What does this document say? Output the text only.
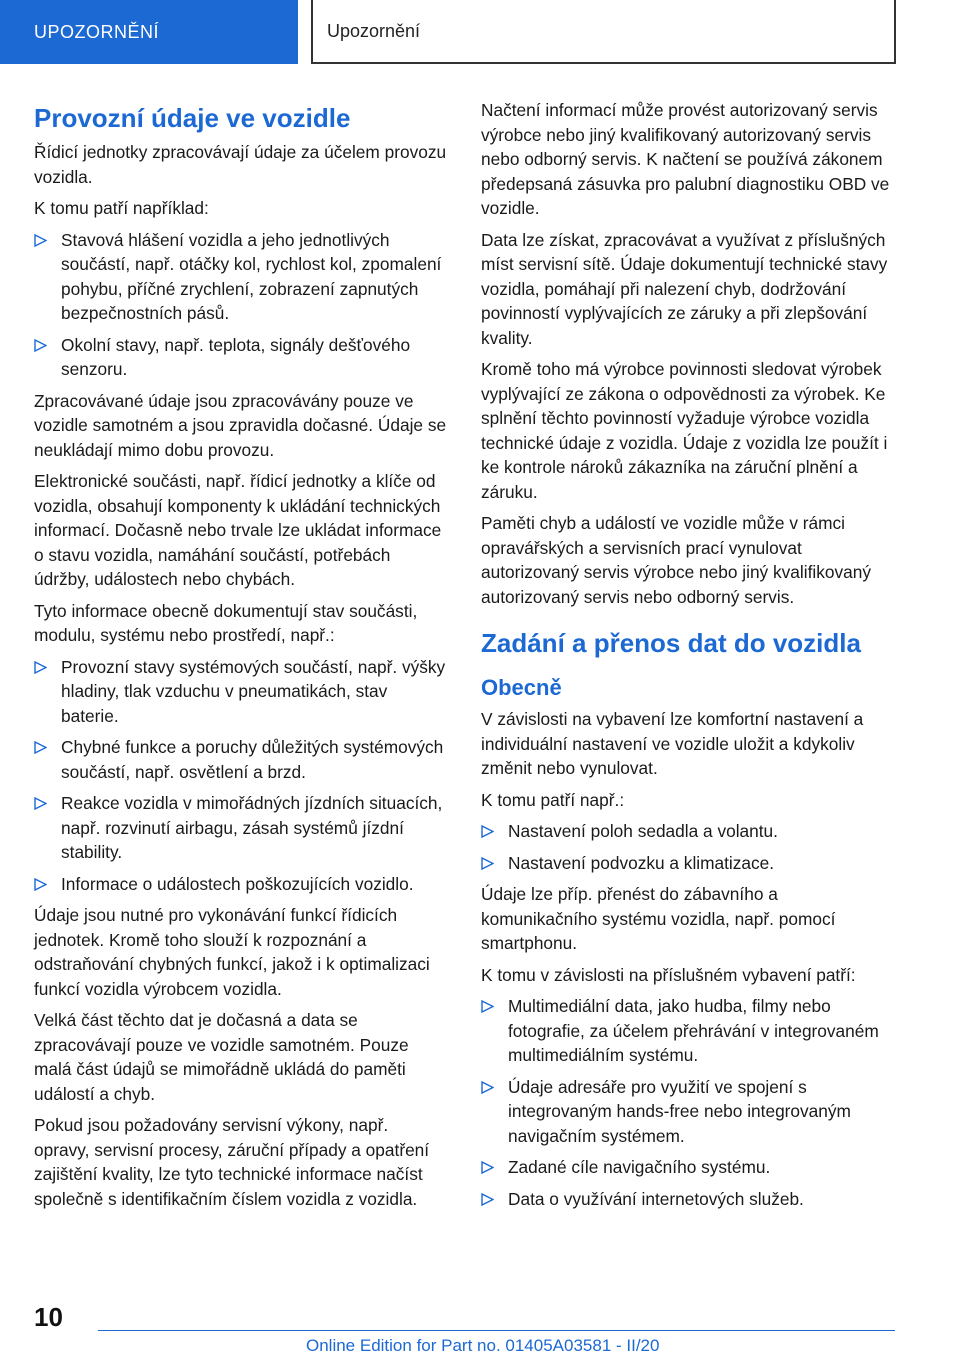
UPOZORNĚNÍ	Upozornění
Provozní údaje ve vozidle

Řídicí jednotky zpracovávají údaje za účelem provozu vozidla.

K tomu patří například:

Stavová hlášení vozidla a jeho jednotlivých součástí, např. otáčky kol, rychlost kol, zpomalení pohybu, příčné zrychlení, zobrazení zapnutých bezpečnostních pásů.
Okolní stavy, např. teplota, signály dešťového senzoru.

Zpracovávané údaje jsou zpracovávány pouze ve vozidle samotném a jsou zpravidla dočasné. Údaje se neukládají mimo dobu provozu.

Elektronické součásti, např. řídicí jednotky a klíče od vozidla, obsahují komponenty k ukládání technických informací. Dočasně nebo trvale lze ukládat informace o stavu vozidla, namáhání součástí, potřebách údržby, událostech nebo chybách.

Tyto informace obecně dokumentují stav součásti, modulu, systému nebo prostředí, např.:

Provozní stavy systémových součástí, např. výšky hladiny, tlak vzduchu v pneumatikách, stav baterie.
Chybné funkce a poruchy důležitých systémových součástí, např. osvětlení a brzd.
Reakce vozidla v mimořádných jízdních situacích, např. rozvinutí airbagu, zásah systémů jízdní stability.
Informace o událostech poškozujících vozidlo.

Údaje jsou nutné pro vykonávání funkcí řídicích jednotek. Kromě toho slouží k rozpoznání a odstraňování chybných funkcí, jakož i k optimalizaci funkcí vozidla výrobcem vozidla.

Velká část těchto dat je dočasná a data se zpracovávají pouze ve vozidle samotném. Pouze malá část údajů se mimořádně ukládá do paměti událostí a chyb.

Pokud jsou požadovány servisní výkony, např. opravy, servisní procesy, záruční případy a opatření zajištění kvality, lze tyto technické informace načíst společně s identifikačním číslem vozidla z vozidla.

Načtení informací může provést autorizovaný servis výrobce nebo jiný kvalifikovaný autorizovaný servis nebo odborný servis. K načtení se používá zákonem předepsaná zásuvka pro palubní diagnostiku OBD ve vozidle.

Data lze získat, zpracovávat a využívat z příslušných míst servisní sítě. Údaje dokumentují technické stavy vozidla, pomáhají při nalezení chyb, dodržování povinností vyplývajících ze záruky a při zlepšování kvality.

Kromě toho má výrobce povinnosti sledovat výrobek vyplývající ze zákona o odpovědnosti za výrobek. Ke splnění těchto povinností vyžaduje výrobce vozidla technické údaje z vozidla. Údaje z vozidla lze použít i ke kontrole nároků zákazníka na záruční plnění a záruku.

Paměti chyb a událostí ve vozidle může v rámci opravářských a servisních prací vynulovat autorizovaný servis výrobce nebo jiný kvalifikovaný autorizovaný servis nebo odborný servis.

Zadání a přenos dat do vozidla
Obecně

V závislosti na vybavení lze komfortní nastavení a individuální nastavení ve vozidle uložit a kdykoliv změnit nebo vynulovat.

K tomu patří např.:

Nastavení poloh sedadla a volantu.
Nastavení podvozku a klimatizace.

Údaje lze příp. přenést do zábavního a komunikačního systému vozidla, např. pomocí smartphonu.

K tomu v závislosti na příslušném vybavení patří:

Multimediální data, jako hudba, filmy nebo fotografie, za účelem přehrávání v integrovaném multimediálním systému.
Údaje adresáře pro využití ve spojení s integrovaným hands-free nebo integrovaným navigačním systémem.
Zadané cíle navigačního systému.
Data o využívání internetových služeb.
10
Online Edition for Part no. 01405A03581 - II/20
